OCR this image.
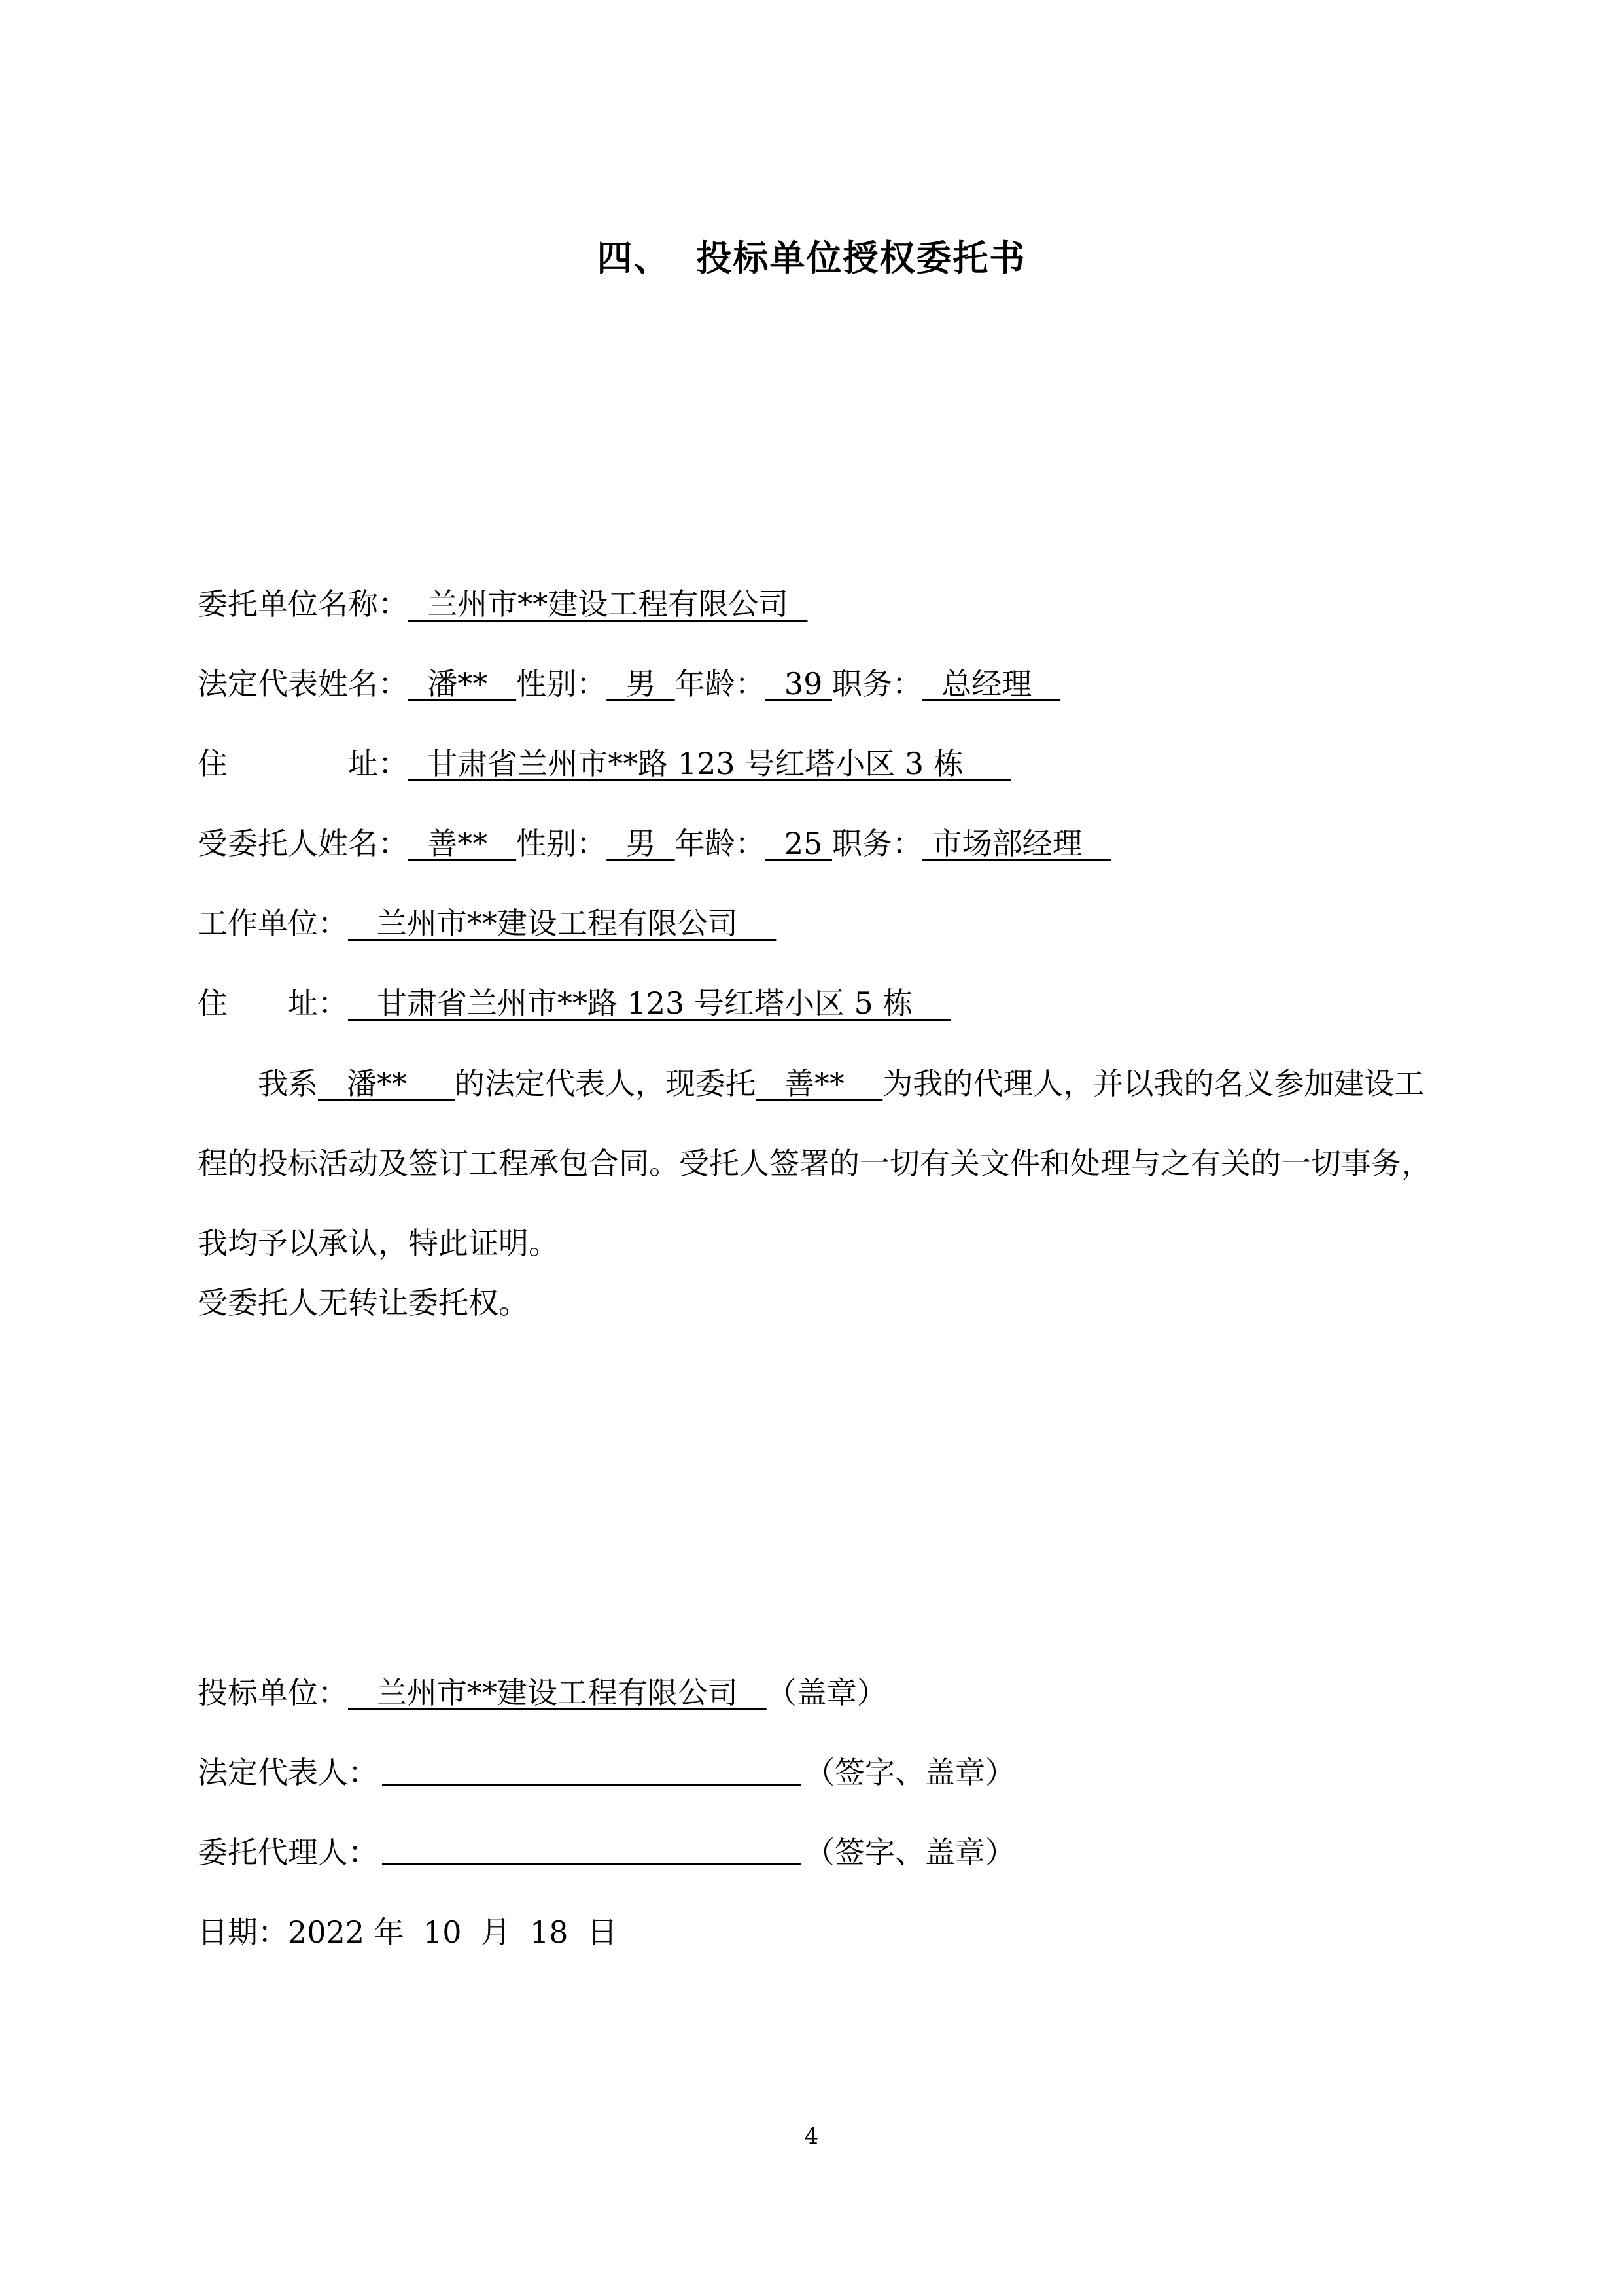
四、 投标单位授权委托书
委托单位名称：  兰州市**建设工程有限公司
法定代表姓名：  潘**   性别：  男  年龄：  39 职务：  总经理
住　　　　址：  甘肃省兰州市**路 123 号红塔小区 3 栋
受委托人姓名：  善**   性别：  男  年龄：  25 职务： 市场部经理
工作单位：   兰州市**建设工程有限公司
住　　址：   甘肃省兰州市**路 123 号红塔小区 5 栋
我系   潘**     的法定代表人，现委托   善**    为我的代理人，并以我的名义参加建设工程的投标活动及签订工程承包合同。受托人签署的一切有关文件和处理与之有关的一切事务，我均予以承认，特此证明。
受委托人无转让委托权。
投标单位：   兰州市**建设工程有限公司   （盖章）
法定代表人：	（签字、盖章）
委托代理人：	（签字、盖章）
日期：2022 年  10  月  18  日
4
